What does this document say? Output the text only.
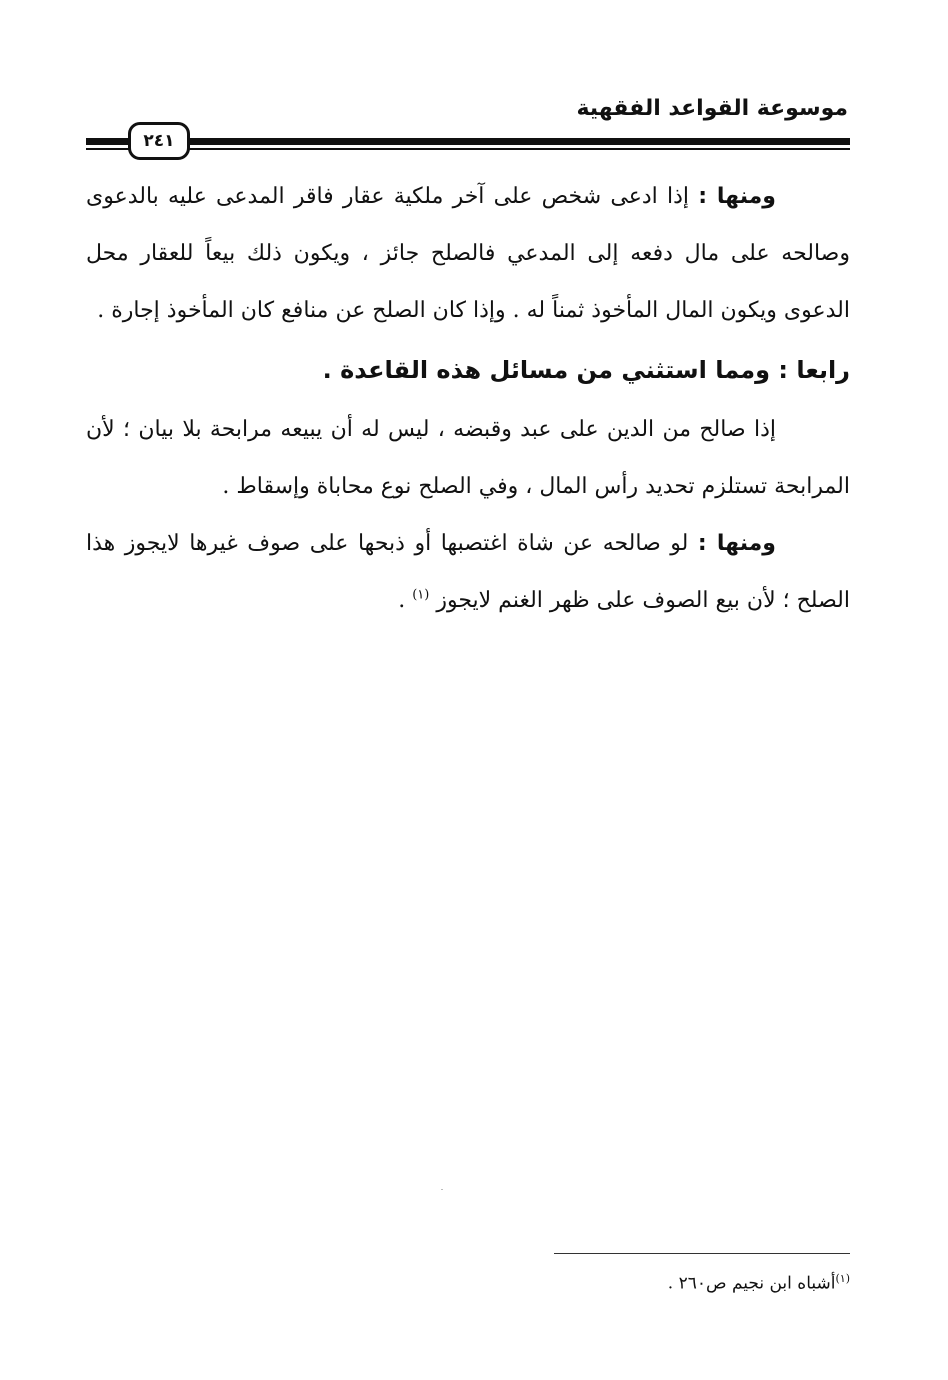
موسوعة القواعد الفقهية
٢٤١

ومنها : إذا ادعى شخص على آخر ملكية عقار فاقر المدعى عليه بالدعوى وصالحه على مال دفعه إلى المدعي فالصلح جائز ، ويكون ذلك بيعاً للعقار محل الدعوى ويكون المال المأخوذ ثمناً له . وإذا كان الصلح عن منافع كان المأخوذ إجارة .

رابعا : ومما استثني من مسائل هذه القاعدة .

إذا صالح من الدين على عبد وقبضه ، ليس له أن يبيعه مرابحة بلا بيان ؛ لأن المرابحة تستلزم تحديد رأس المال ، وفي الصلح نوع محاباة وإسقاط .

ومنها : لو صالحه عن شاة اغتصبها أو ذبحها على صوف غيرها لايجوز هذا الصلح ؛ لأن بيع الصوف على ظهر الغنم لايجوز $^{(١)}$ .

$^{(١)}$أشباه ابن نجيم ص٢٦٠ .
